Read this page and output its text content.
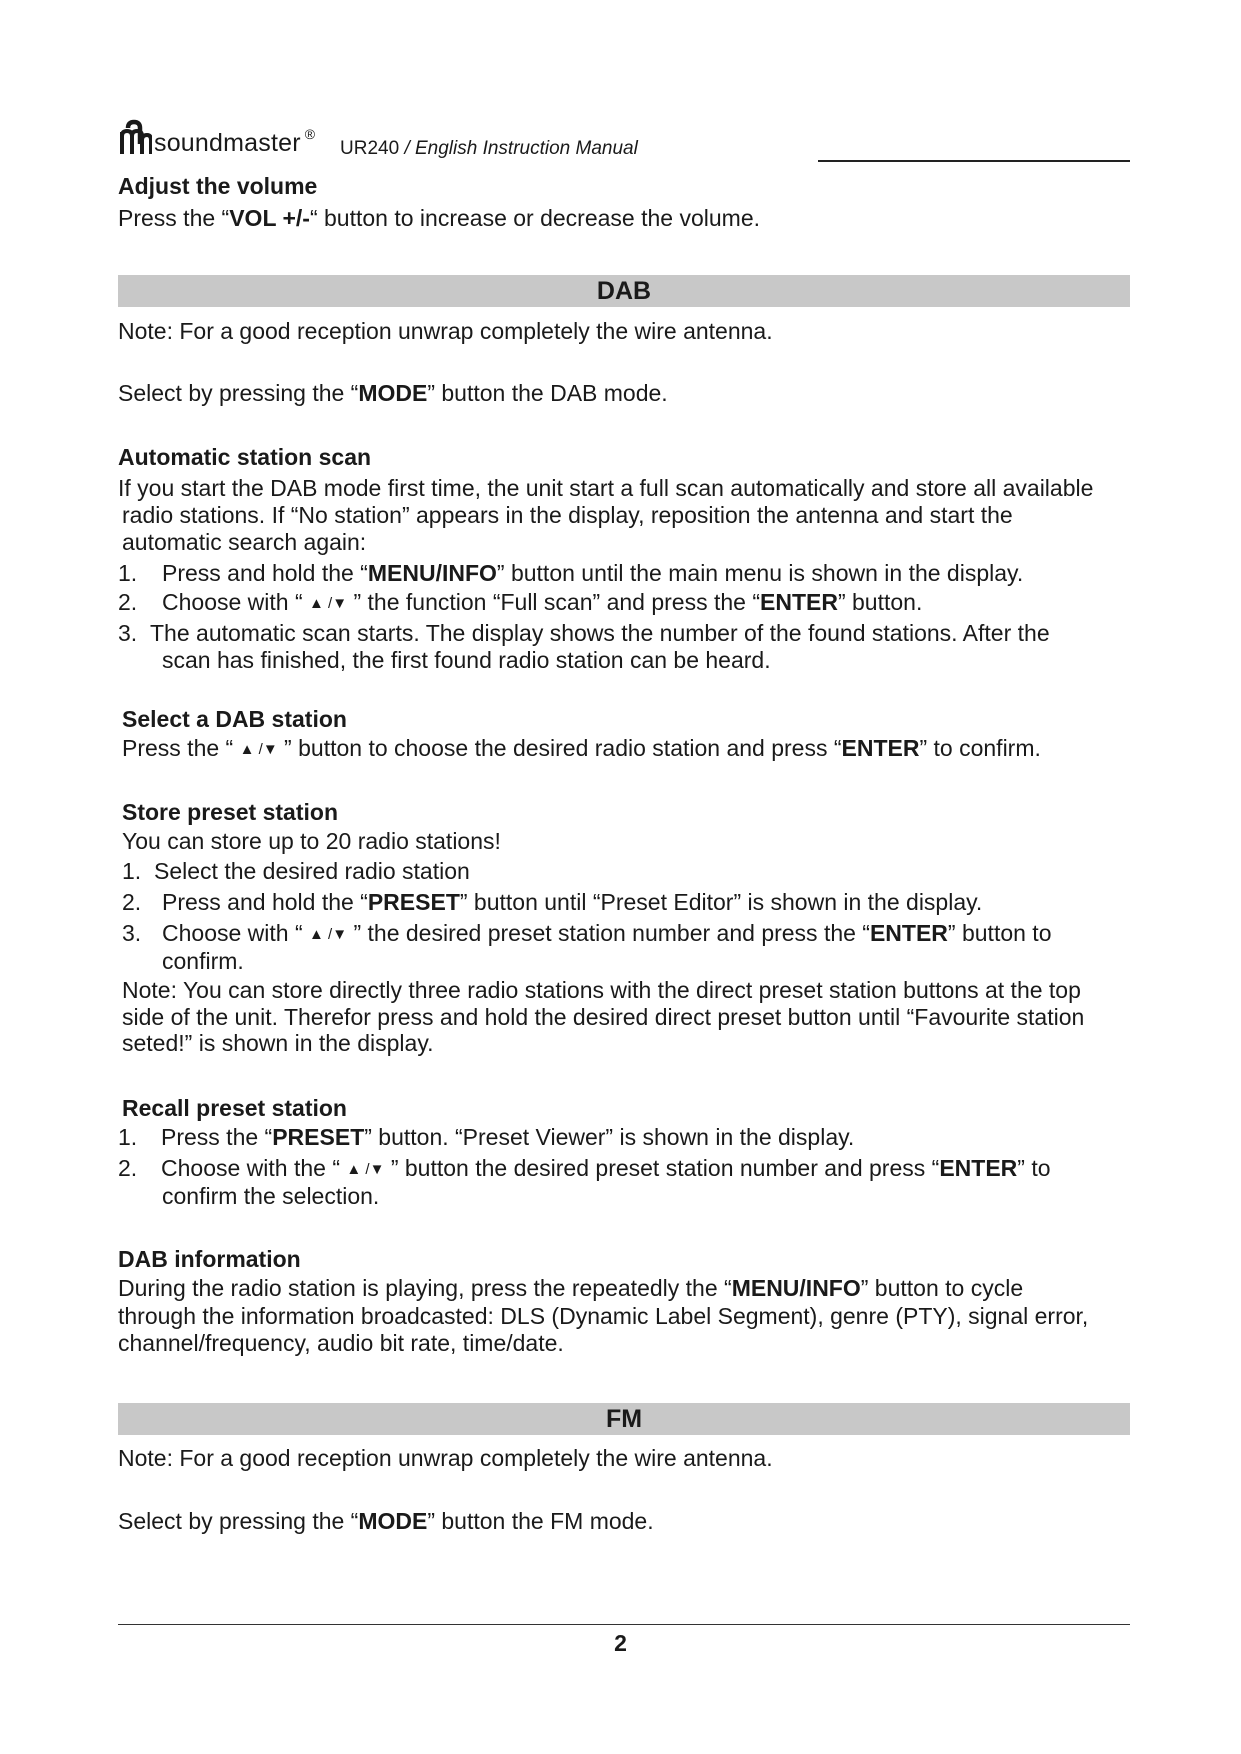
soundmaster ®
UR240 / English Instruction Manual
Adjust the volume
Press the “VOL +/-“ button to increase or decrease the volume.
DAB
Note: For a good reception unwrap completely the wire antenna.
Select by pressing the “MODE” button the DAB mode.
Automatic station scan
If you start the DAB mode first time, the unit start a full scan automatically and store all available
radio stations. If “No station” appears in the display, reposition the antenna and start the
automatic search again:
1. Press and hold the “MENU/INFO” button until the main menu is shown in the display.
2. Choose with “ ▲ /▼ ” the function “Full scan” and press the “ENTER” button.
3. The automatic scan starts. The display shows the number of the found stations. After the
scan has finished, the first found radio station can be heard.
Select a DAB station
Press the “ ▲ /▼ ” button to choose the desired radio station and press “ENTER” to confirm.
Store preset station
You can store up to 20 radio stations!
1. Select the desired radio station
2. Press and hold the “PRESET” button until “Preset Editor” is shown in the display.
3. Choose with “ ▲ /▼ ” the desired preset station number and press the “ENTER” button to
confirm.
Note: You can store directly three radio stations with the direct preset station buttons at the top
side of the unit. Therefor press and hold the desired direct preset button until “Favourite station
seted!” is shown in the display.
Recall preset station
1. Press the “PRESET” button. “Preset Viewer” is shown in the display.
2. Choose with the “ ▲ /▼ ” button the desired preset station number and press “ENTER” to
confirm the selection.
DAB information
During the radio station is playing, press the repeatedly the “MENU/INFO” button to cycle
through the information broadcasted: DLS (Dynamic Label Segment), genre (PTY), signal error,
channel/frequency, audio bit rate, time/date.
FM
Note: For a good reception unwrap completely the wire antenna.
Select by pressing the “MODE” button the FM mode.
2
